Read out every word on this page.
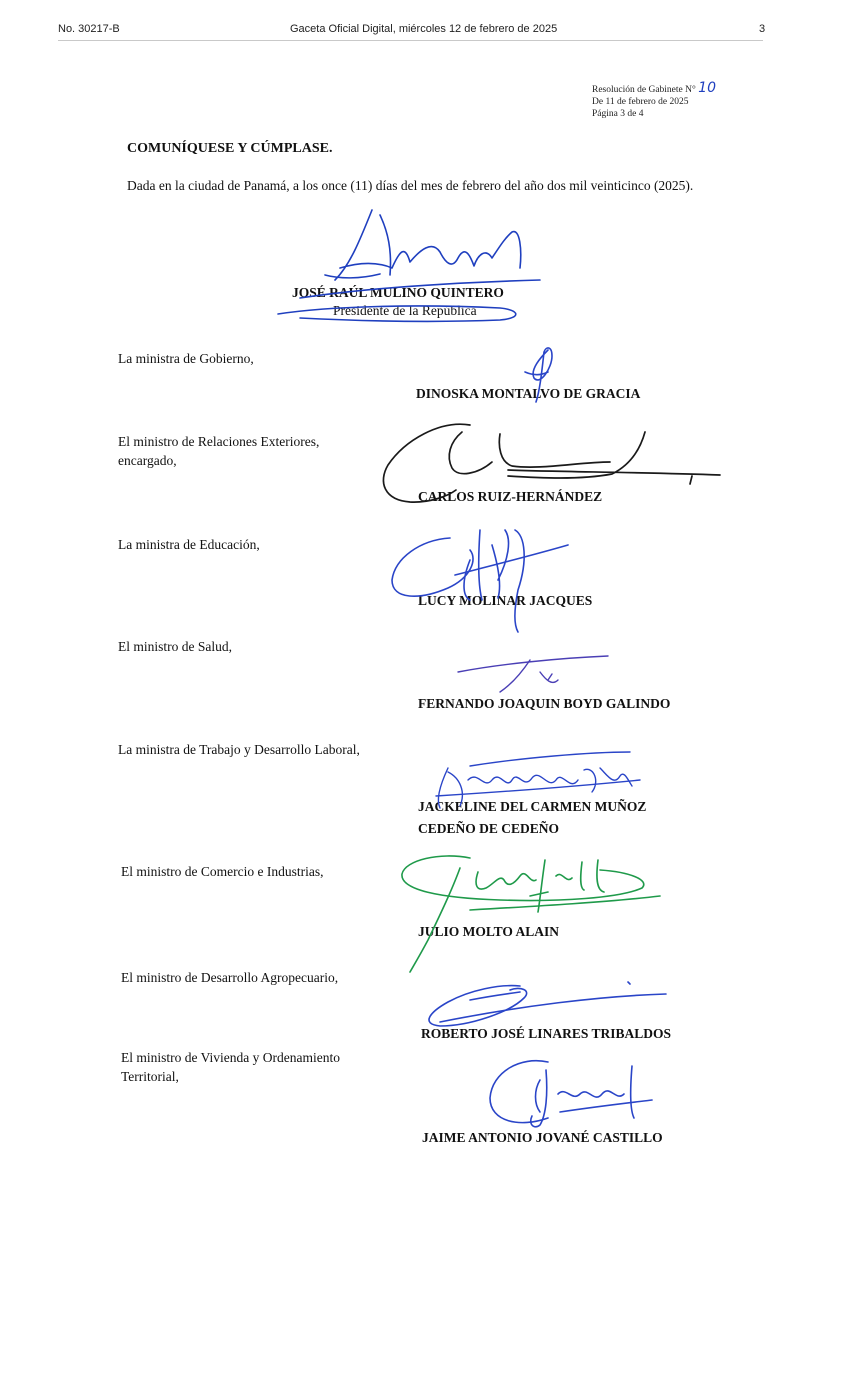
No. 30217-B	Gaceta Oficial Digital, miércoles 12 de febrero de 2025	3
Resolución de Gabinete N° 10
De 11 de febrero de 2025
Página 3 de 4
COMUNÍQUESE Y CÚMPLASE.
Dada en la ciudad de Panamá, a los once (11) días del mes de febrero del año dos mil veinticinco (2025).
JOSÉ RAÚL MULINO QUINTERO
Presidente de la República
La ministra de Gobierno,
DINOSKA MONTALVO DE GRACIA
El ministro de Relaciones Exteriores,
encargado,
CARLOS RUIZ-HERNÁNDEZ
La ministra de Educación,
LUCY MOLINAR JACQUES
El ministro de Salud,
FERNANDO JOAQUIN BOYD GALINDO
La ministra de Trabajo y Desarrollo Laboral,
JACKELINE DEL CARMEN MUÑOZ
CEDEÑO DE CEDEÑO
El ministro de Comercio e Industrias,
JULIO MOLTO ALAIN
El ministro de Desarrollo Agropecuario,
ROBERTO JOSÉ LINARES TRIBALDOS
El ministro de Vivienda y Ordenamiento
Territorial,
JAIME ANTONIO JOVANÉ CASTILLO
